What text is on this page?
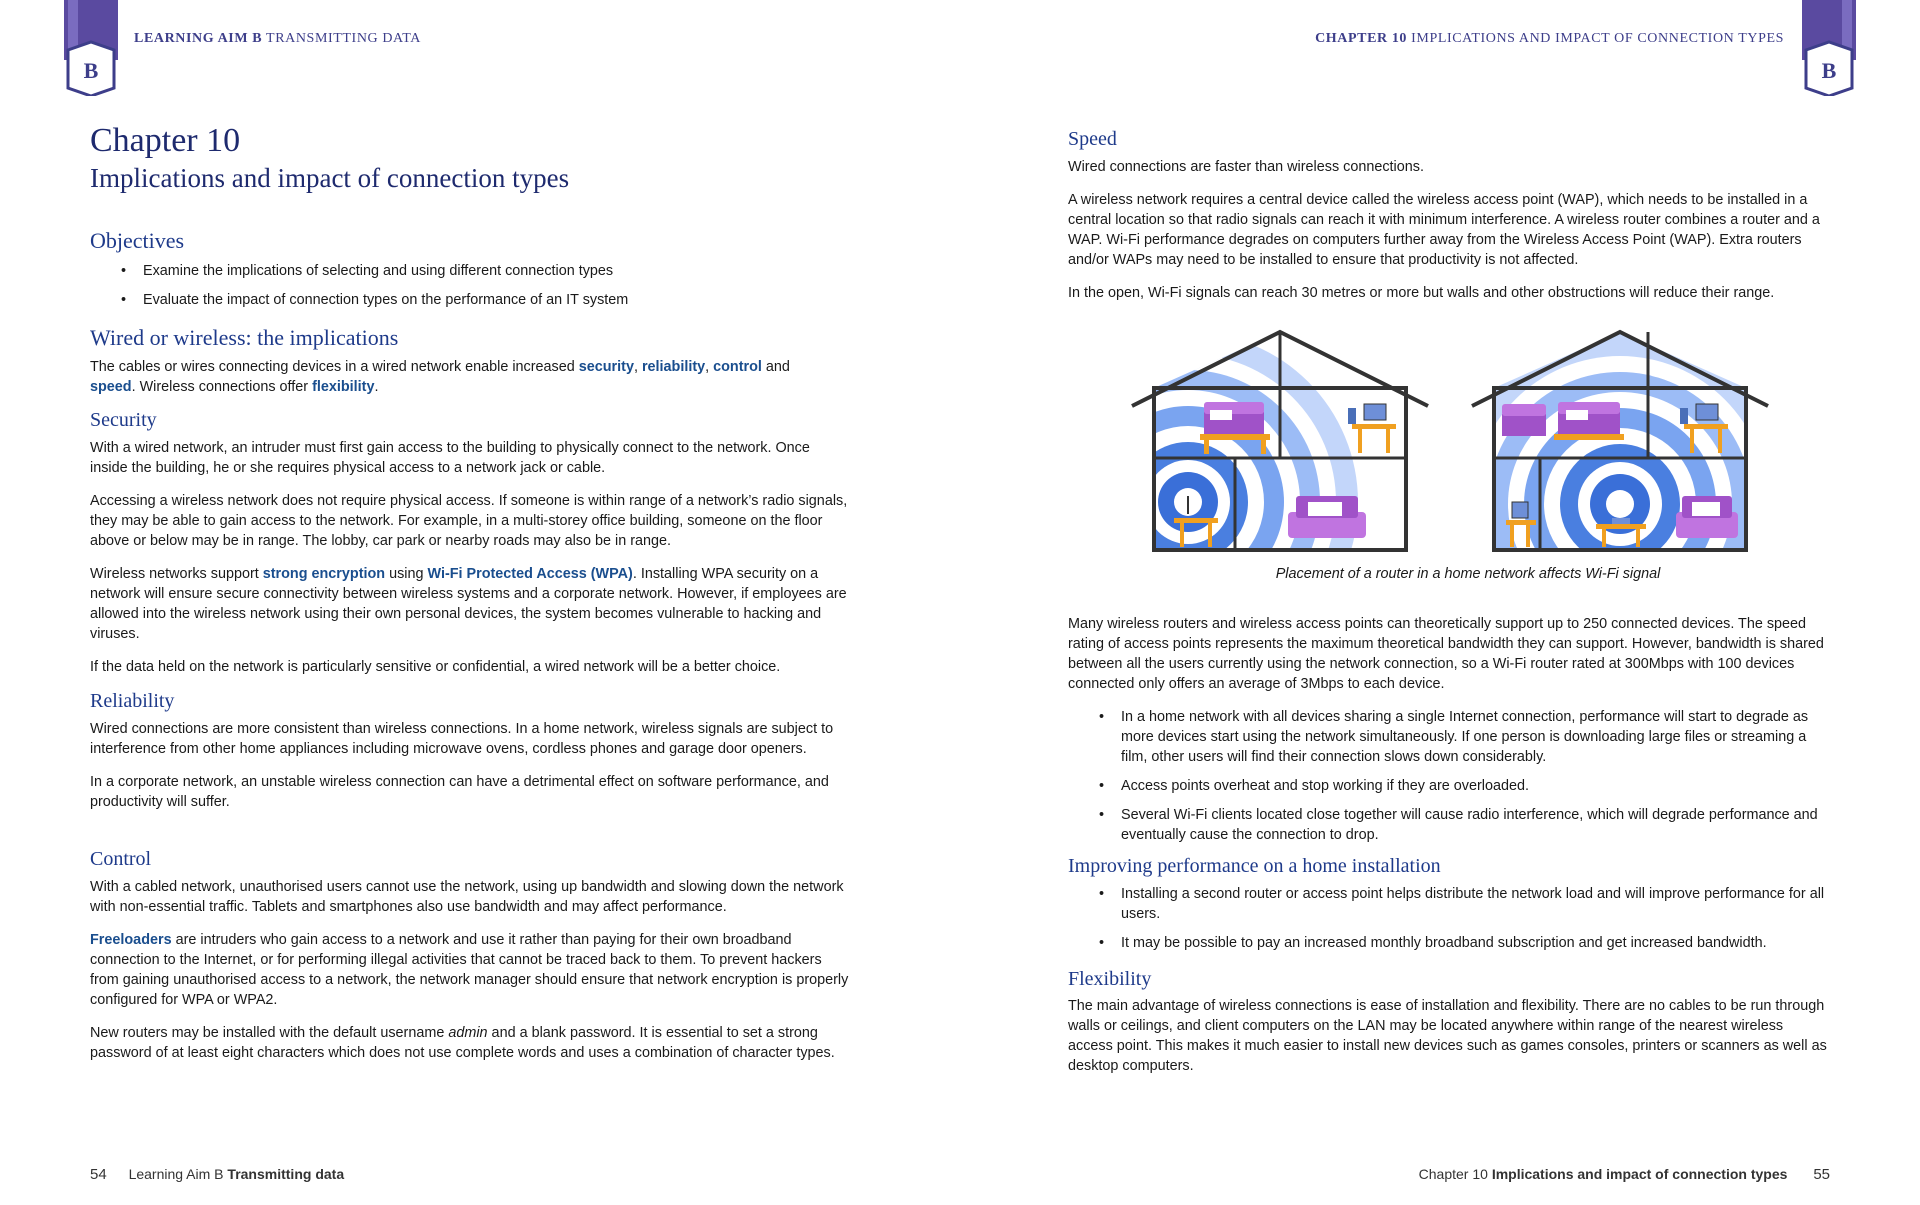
B
LEARNING AIM B TRANSMITTING DATA
Chapter 10
Implications and impact of connection types
Objectives
• Examine the implications of selecting and using different connection types
• Evaluate the impact of connection types on the performance of an IT system
Wired or wireless: the implications

The cables or wires connecting devices in a wired network enable increased security, reliability, control and
speed. Wireless connections offer flexibility.

Security

With a wired network, an intruder must first gain access to the building to physically connect to the network. Once inside the building, he or she requires physical access to a network jack or cable.

Accessing a wireless network does not require physical access. If someone is within range of a network’s radio signals, they may be able to gain access to the network. For example, in a multi-storey office building, someone on the floor above or below may be in range. The lobby, car park or nearby roads may also be in range.

Wireless networks support strong encryption using Wi-Fi Protected Access (WPA). Installing WPA security on a network will ensure secure connectivity between wireless systems and a corporate network. However, if employees are allowed into the wireless network using their own personal devices, the system becomes vulnerable to hacking and viruses.

If the data held on the network is particularly sensitive or confidential, a wired network will be a better choice.

Reliability

Wired connections are more consistent than wireless connections. In a home network, wireless signals are subject to interference from other home appliances including microwave ovens, cordless phones and garage door openers.

In a corporate network, an unstable wireless connection can have a detrimental effect on software performance, and productivity will suffer.

Control

With a cabled network, unauthorised users cannot use the network, using up bandwidth and slowing down the network with non-essential traffic. Tablets and smartphones also use bandwidth and may affect performance.

Freeloaders are intruders who gain access to a network and use it rather than paying for their own broadband connection to the Internet, or for performing illegal activities that cannot be traced back to them. To prevent hackers from gaining unauthorised access to a network, the network manager should ensure that network encryption is properly configured for WPA or WPA2.

New routers may be installed with the default username admin and a blank password. It is essential to set a strong password of at least eight characters which does not use complete words and uses a combination of character types.

54 Learning Aim B Transmitting data
CHAPTER 10 IMPLICATIONS AND IMPACT OF CONNECTION TYPES
B
Speed

Wired connections are faster than wireless connections.

A wireless network requires a central device called the wireless access point (WAP), which needs to be installed in a central location so that radio signals can reach it with minimum interference. A wireless router combines a router and a WAP. Wi-Fi performance degrades on computers further away from the Wireless Access Point (WAP). Extra routers and/or WAPs may need to be installed to ensure that productivity is not affected.

In the open, Wi-Fi signals can reach 30 metres or more but walls and other obstructions will reduce their range.

Placement of a router in a home network affects Wi-Fi signal

Many wireless routers and wireless access points can theoretically support up to 250 connected devices. The speed rating of access points represents the maximum theoretical bandwidth they can support. However, bandwidth is shared between all the users currently using the network connection, so a Wi-Fi router rated at 300Mbps with 100 devices connected only offers an average of 3Mbps to each device.

• In a home network with all devices sharing a single Internet connection, performance will start to degrade as more devices start using the network simultaneously. If one person is downloading large files or streaming a film, other users will find their connection slows down considerably.
• Access points overheat and stop working if they are overloaded.
• Several Wi-Fi clients located close together will cause radio interference, which will degrade performance and eventually cause the connection to drop.
Improving performance on a home installation
• Installing a second router or access point helps distribute the network load and will improve performance for all users.
• It may be possible to pay an increased monthly broadband subscription and get increased bandwidth.
Flexibility

The main advantage of wireless connections is ease of installation and flexibility. There are no cables to be run through walls or ceilings, and client computers on the LAN may be located anywhere within range of the nearest wireless access point. This makes it much easier to install new devices such as games consoles, printers or scanners as well as desktop computers.

Chapter 10 Implications and impact of connection types 55
